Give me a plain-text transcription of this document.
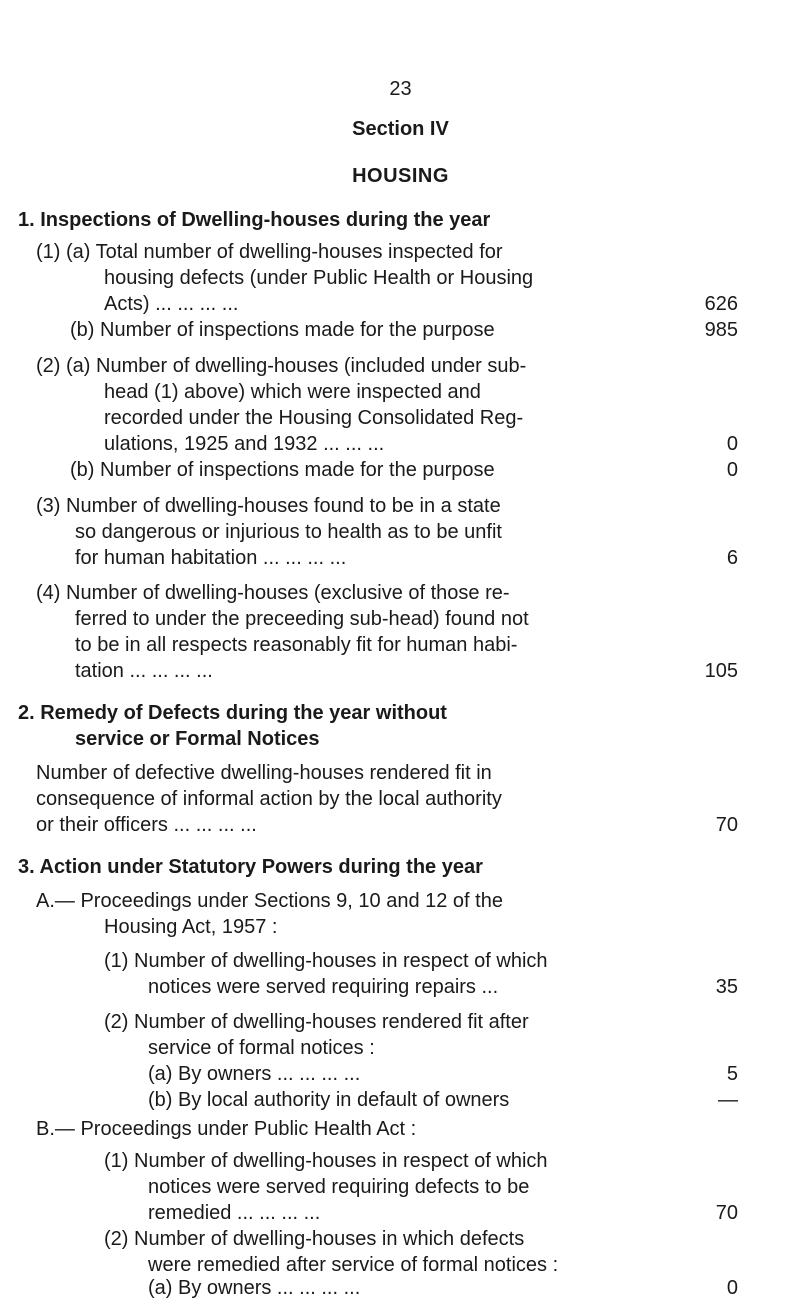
23
Section IV
HOUSING
1. Inspections of Dwelling-houses during the year
(1) (a) Total number of dwelling-houses inspected for
housing defects (under Public Health or Housing
Acts) ... ... ... ...	626
(b) Number of inspections made for the purpose	985
(2) (a) Number of dwelling-houses (included under sub-
head (1) above) which were inspected and
recorded under the Housing Consolidated Reg-
ulations, 1925 and 1932 ... ... ...	0
(b) Number of inspections made for the purpose	0
(3) Number of dwelling-houses found to be in a state
so dangerous or injurious to health as to be unfit
for human habitation ... ... ... ...	6
(4) Number of dwelling-houses (exclusive of those re-
ferred to under the preceeding sub-head) found not
to be in all respects reasonably fit for human habi-
tation ... ... ... ...	105
2. Remedy of Defects during the year without
service or Formal Notices
Number of defective dwelling-houses rendered fit in
consequence of informal action by the local authority
or their officers ... ... ... ...	70
3. Action under Statutory Powers during the year
A.— Proceedings under Sections 9, 10 and 12 of the
Housing Act, 1957 :
(1) Number of dwelling-houses in respect of which
notices were served requiring repairs ...	35
(2) Number of dwelling-houses rendered fit after
service of formal notices :
(a) By owners ... ... ... ...	5
(b) By local authority in default of owners	—
B.— Proceedings under Public Health Act :
(1) Number of dwelling-houses in respect of which
notices were served requiring defects to be
remedied ... ... ... ...	70
(2) Number of dwelling-houses in which defects
were remedied after service of formal notices :
(a) By owners ... ... ... ...	0
